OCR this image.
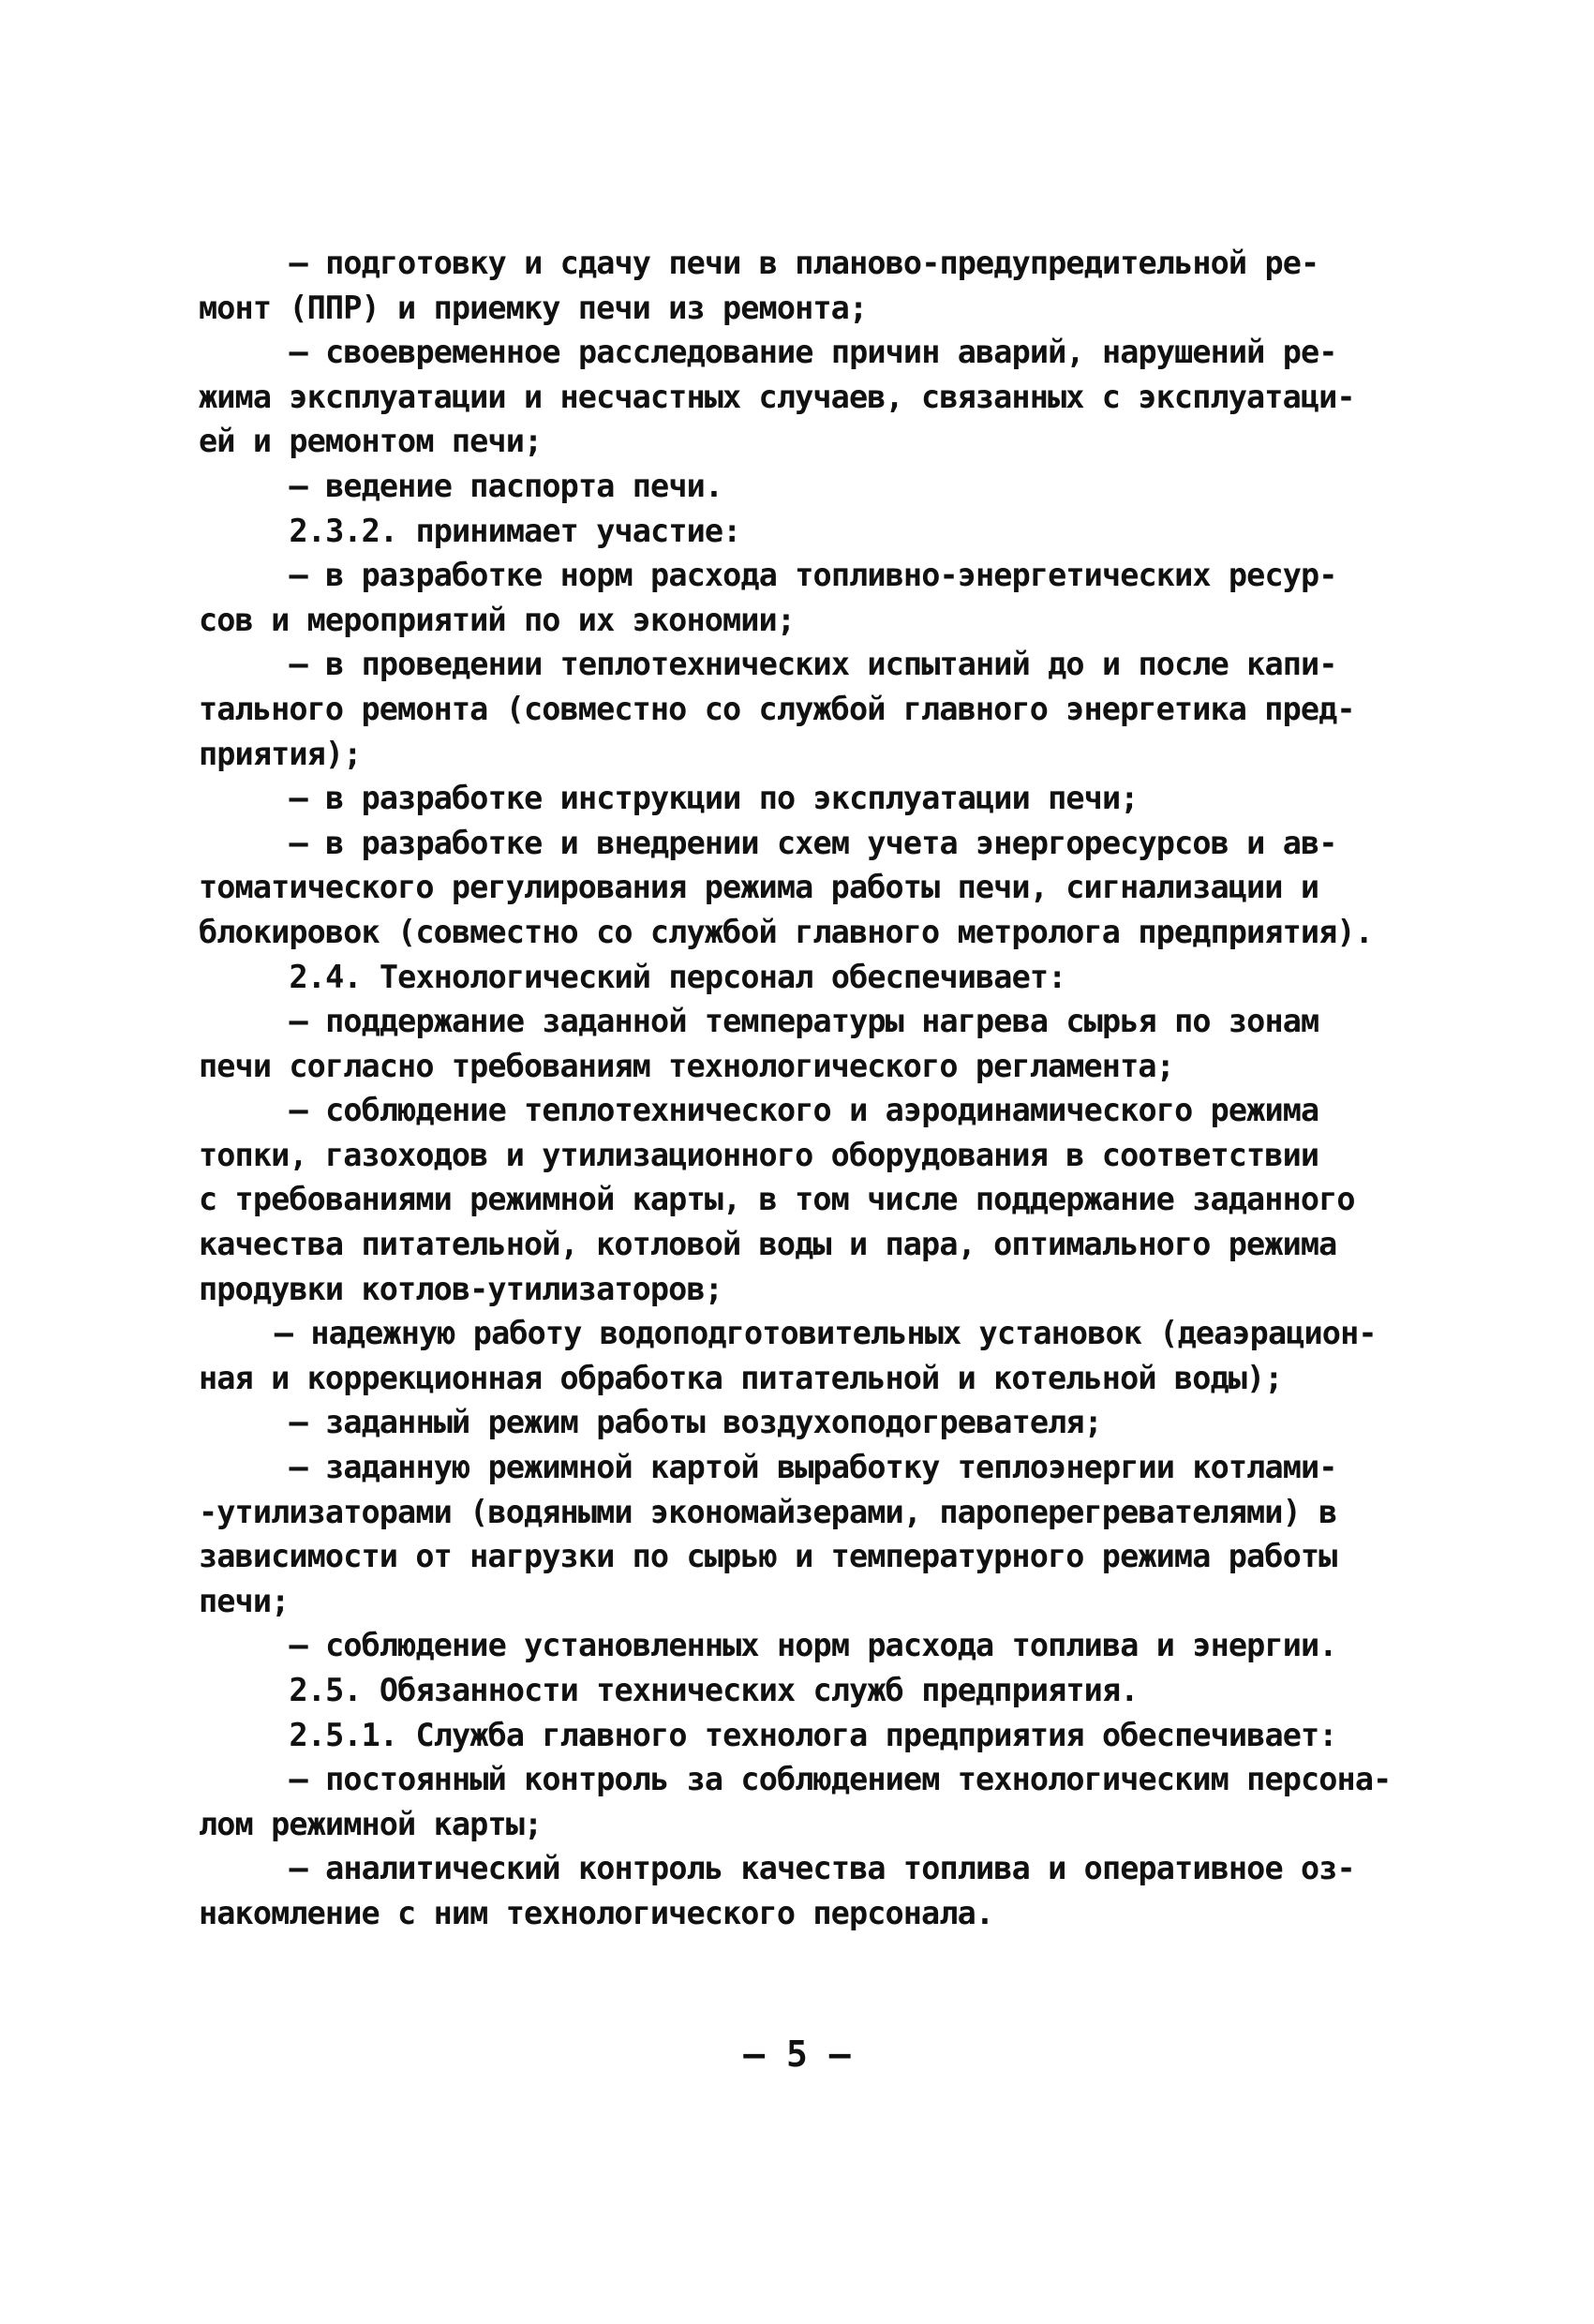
– подготовку и сдачу печи в планово-предупредительной ре-
монт (ППР) и приемку печи из ремонта;
– своевременное расследование причин аварий, нарушений ре-
жима эксплуатации и несчастных случаев, связанных с эксплуатаци-
ей и ремонтом печи;
– ведение паспорта печи.
2.3.2. принимает участие:
– в разработке норм расхода топливно-энергетических ресур-
сов и мероприятий по их экономии;
– в проведении теплотехнических испытаний до и после капи-
тального ремонта (совместно со службой главного энергетика пред-
приятия);
– в разработке инструкции по эксплуатации печи;
– в разработке и внедрении схем учета энергоресурсов и ав-
томатического регулирования режима работы печи, сигнализации и
блокировок (совместно со службой главного метролога предприятия).
2.4. Технологический персонал обеспечивает:
– поддержание заданной температуры нагрева сырья по зонам
печи согласно требованиям технологического регламента;
– соблюдение теплотехнического и аэродинамического режима
топки, газоходов и утилизационного оборудования в соответствии
с требованиями режимной карты, в том числе поддержание заданного
качества питательной, котловой воды и пара, оптимального режима
продувки котлов-утилизаторов;
– надежную работу водоподготовительных установок (деаэрацион-
ная и коррекционная обработка питательной и котельной воды);
– заданный режим работы воздухоподогревателя;
– заданную режимной картой выработку теплоэнергии котлами-
-утилизаторами (водяными экономайзерами, пароперегревателями) в
зависимости от нагрузки по сырью и температурного режима работы
печи;
– соблюдение установленных норм расхода топлива и энергии.
2.5. Обязанности технических служб предприятия.
2.5.1. Служба главного технолога предприятия обеспечивает:
– постоянный контроль за соблюдением технологическим персона-
лом режимной карты;
– аналитический контроль качества топлива и оперативное оз-
накомление с ним технологического персонала.
– 5 –
